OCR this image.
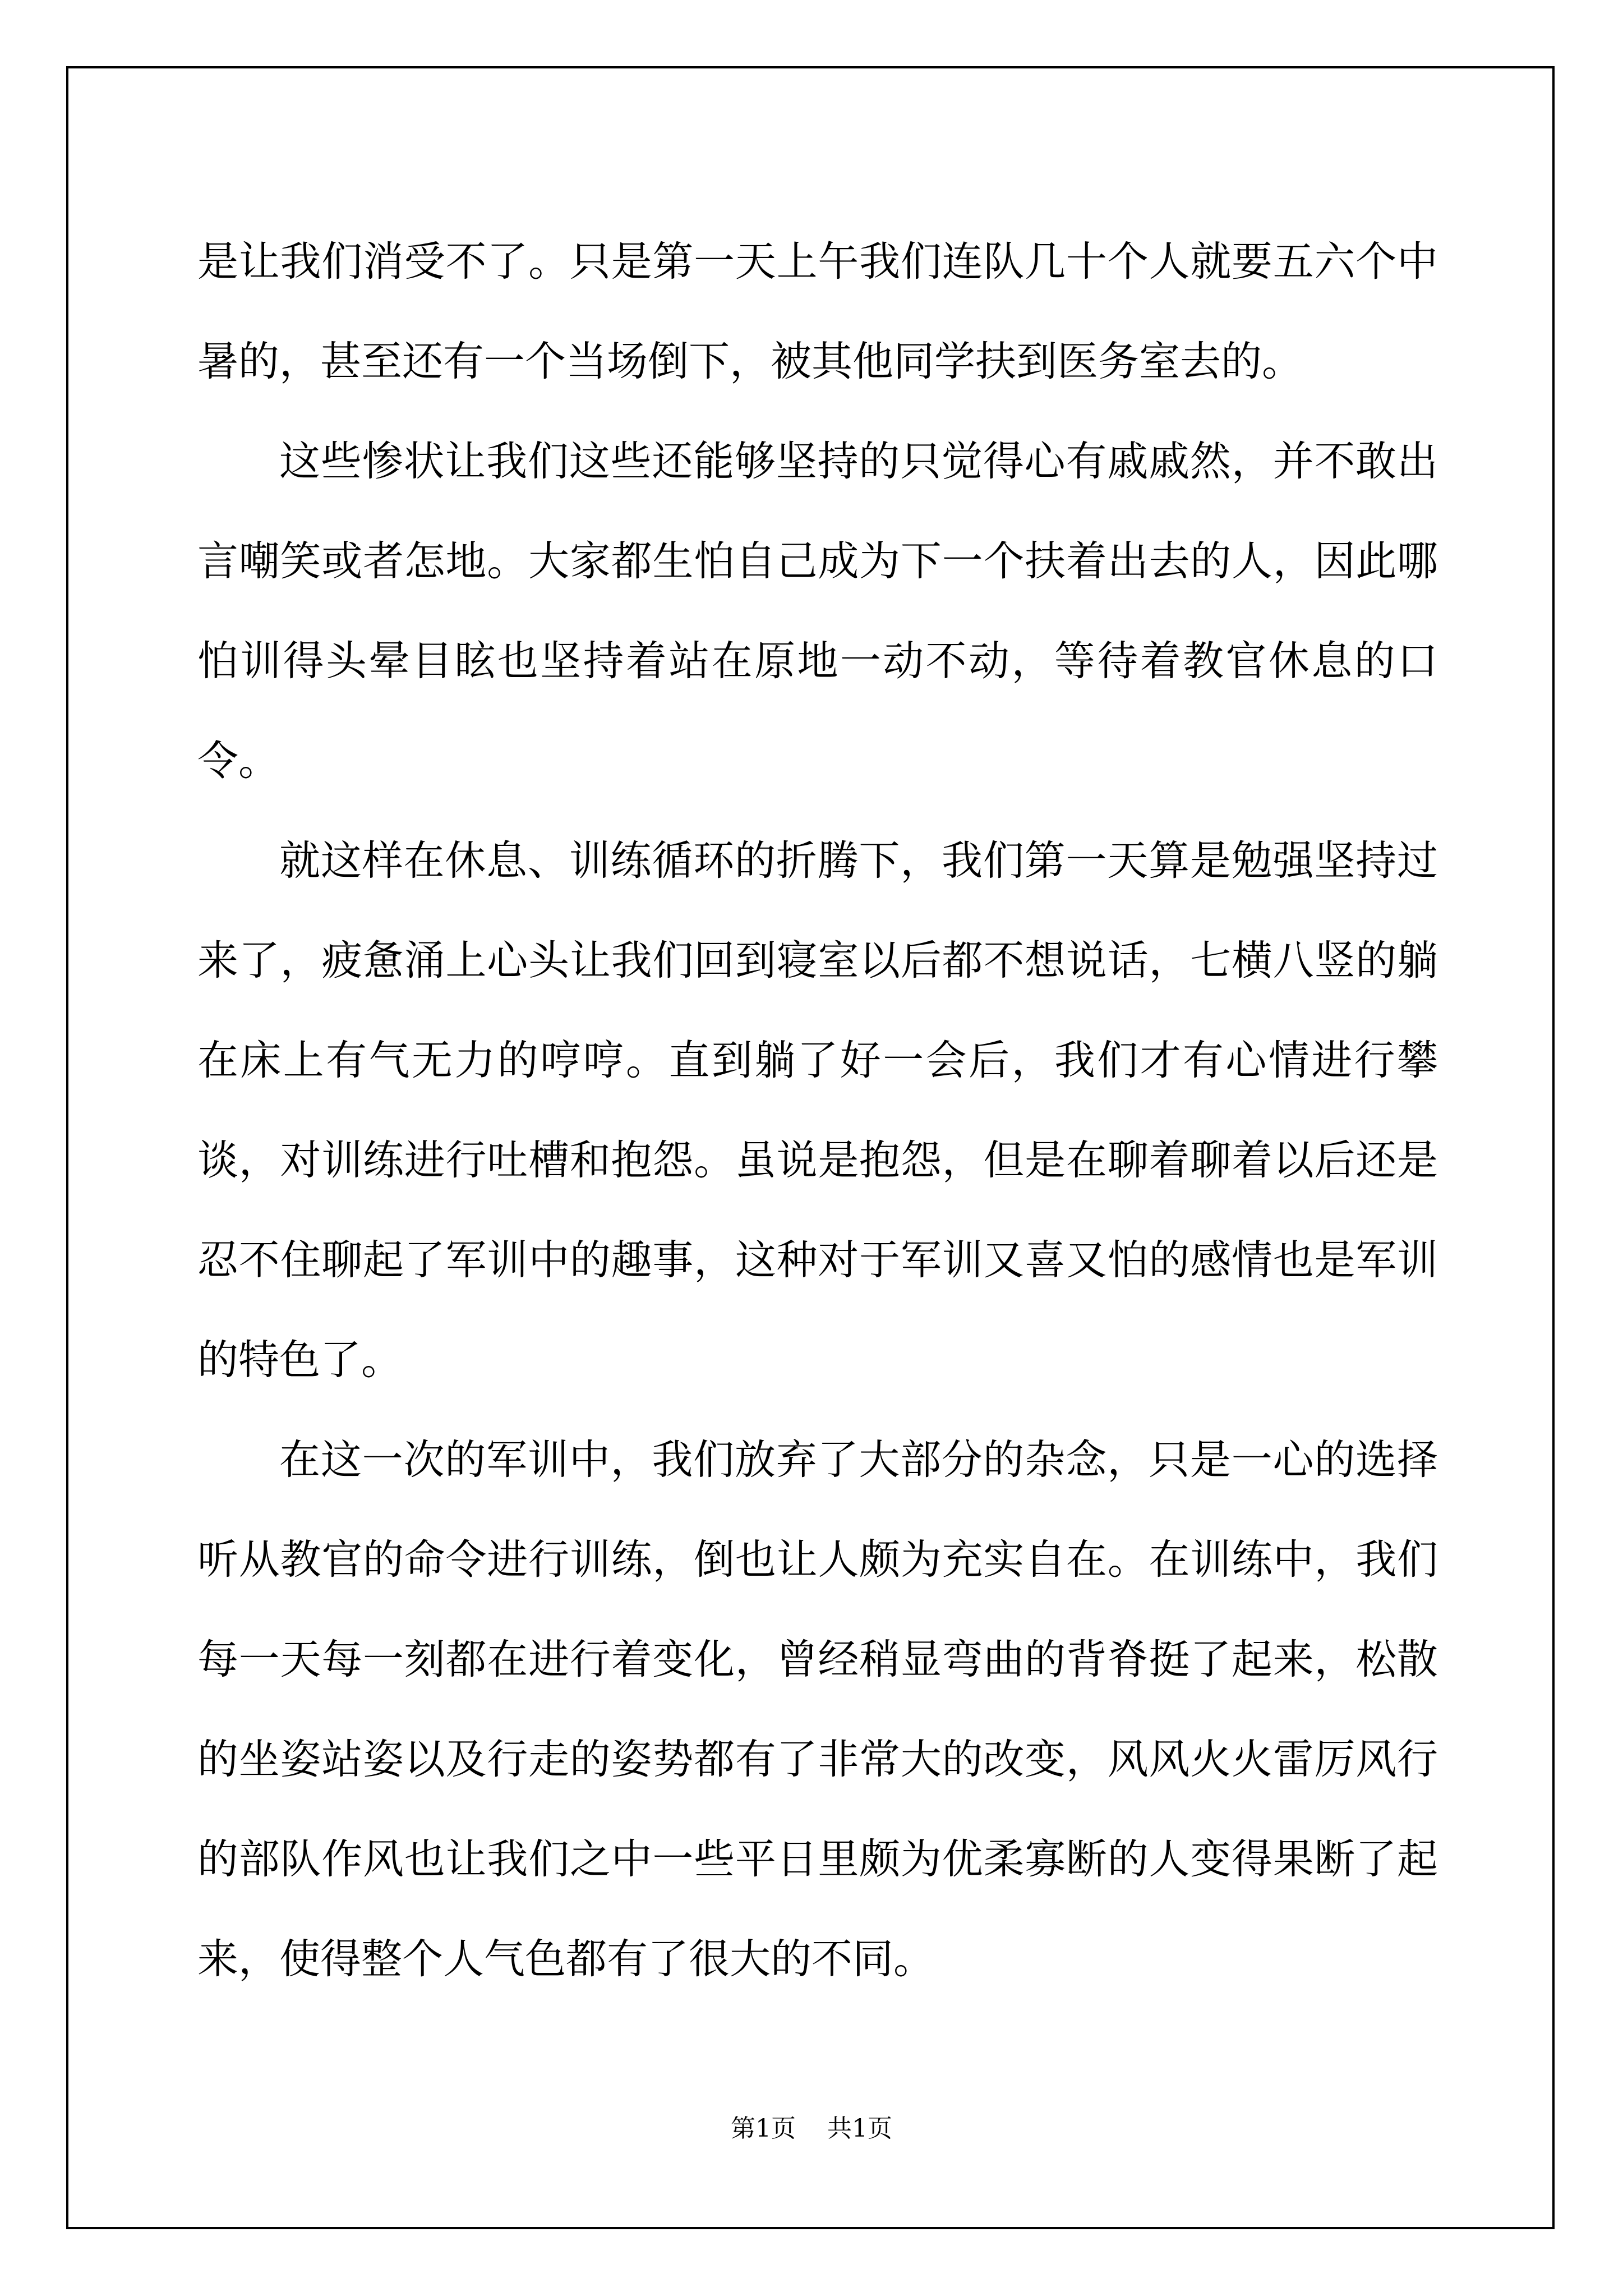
是让我们消受不了。只是第一天上午我们连队几十个人就要五六个中暑的，甚至还有一个当场倒下，被其他同学扶到医务室去的。

这些惨状让我们这些还能够坚持的只觉得心有戚戚然，并不敢出言嘲笑或者怎地。大家都生怕自己成为下一个扶着出去的人，因此哪怕训得头晕目眩也坚持着站在原地一动不动，等待着教官休息的口令。

就这样在休息、训练循环的折腾下，我们第一天算是勉强坚持过来了，疲惫涌上心头让我们回到寝室以后都不想说话，七横八竖的躺在床上有气无力的哼哼。直到躺了好一会后，我们才有心情进行攀谈，对训练进行吐槽和抱怨。虽说是抱怨，但是在聊着聊着以后还是忍不住聊起了军训中的趣事，这种对于军训又喜又怕的感情也是军训的特色了。

在这一次的军训中，我们放弃了大部分的杂念，只是一心的选择听从教官的命令进行训练，倒也让人颇为充实自在。在训练中，我们每一天每一刻都在进行着变化，曾经稍显弯曲的背脊挺了起来，松散的坐姿站姿以及行走的姿势都有了非常大的改变，风风火火雷厉风行的部队作风也让我们之中一些平日里颇为优柔寡断的人变得果断了起来，使得整个人气色都有了很大的不同。

第1页 共1页
